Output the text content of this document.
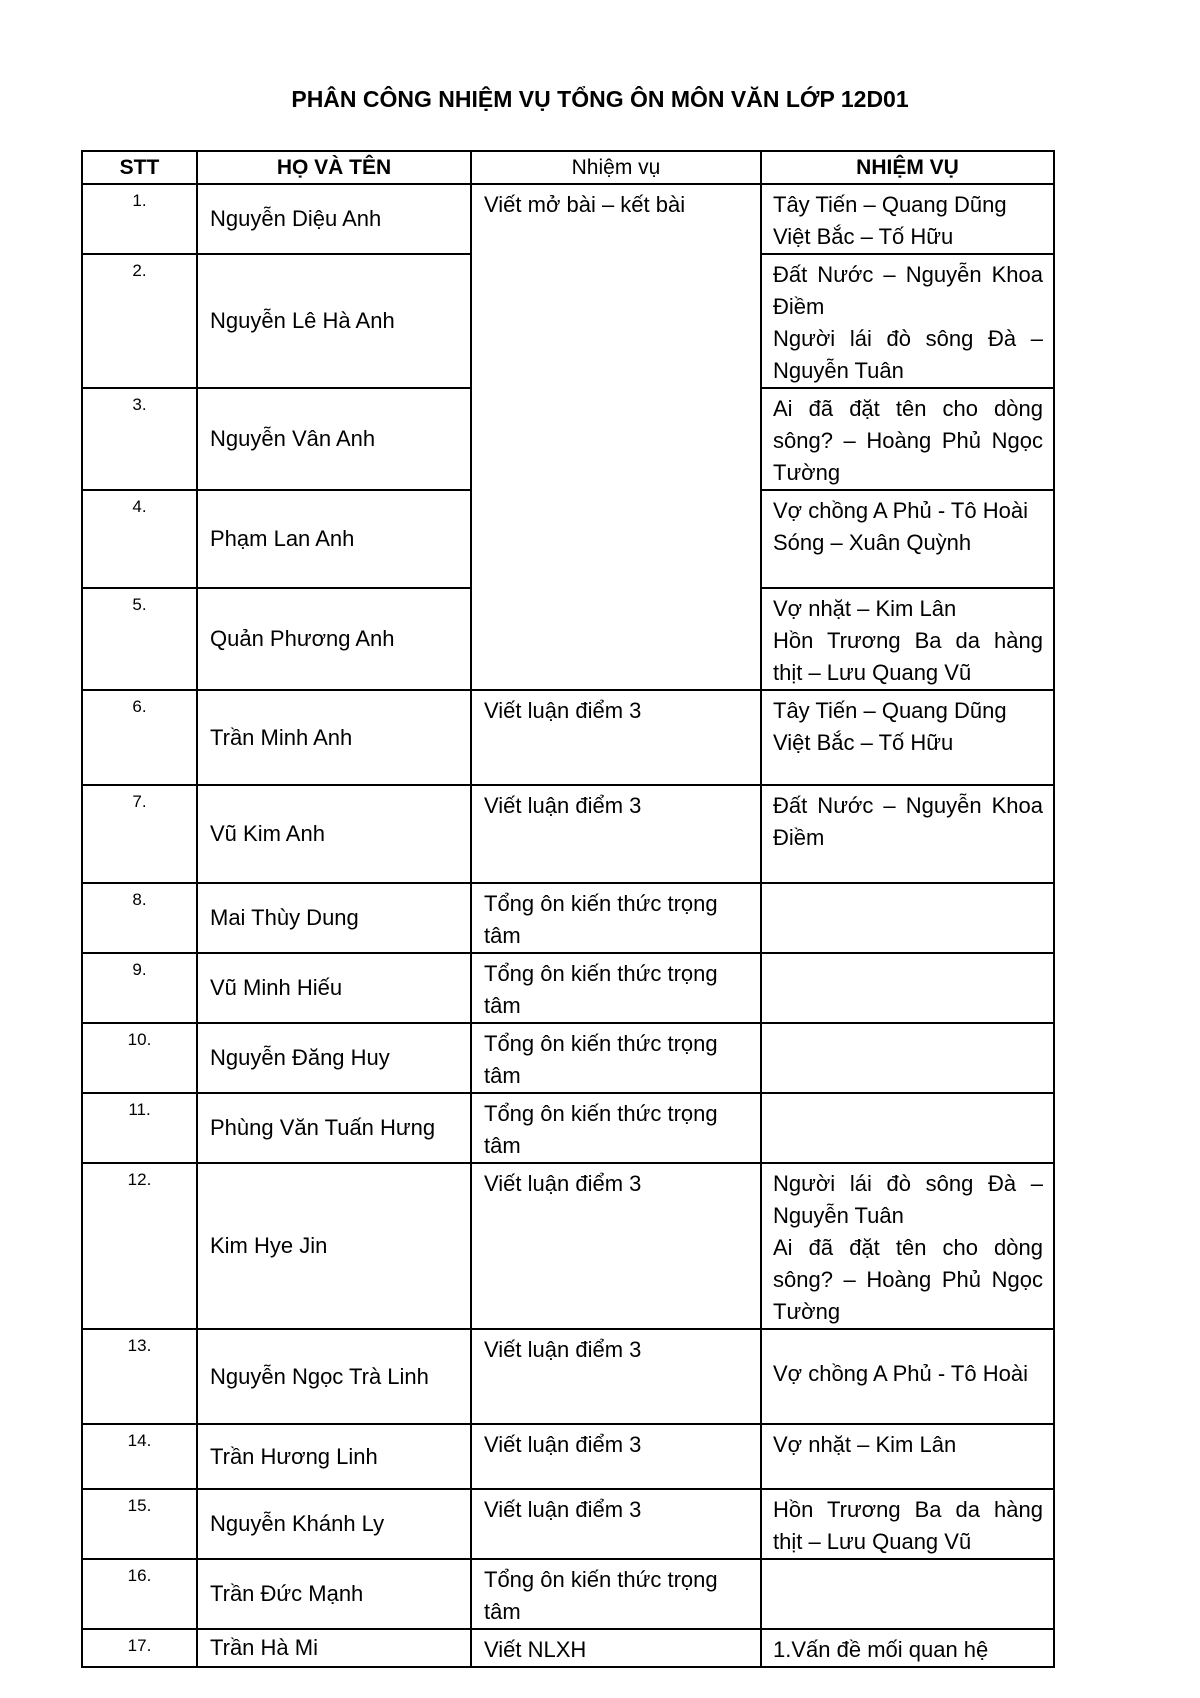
PHÂN CÔNG NHIỆM VỤ TỔNG ÔN MÔN VĂN LỚP 12D01
STT	HỌ VÀ TÊN	Nhiệm vụ	NHIỆM VỤ
1.	Nguyễn Diệu Anh	Viết mở bài – kết bài	Tây Tiến – Quang Dũng
Việt Bắc – Tố Hữu

2.	Nguyễn Lê Hà Anh		Đất Nước – Nguyễn Khoa Điềm
Người lái đò sông Đà – Nguyễn Tuân

3.	Nguyễn Vân Anh		Ai đã đặt tên cho dòng sông? – Hoàng Phủ Ngọc Tường

4.	Phạm Lan Anh		Vợ chồng A Phủ - Tô Hoài
Sóng – Xuân Quỳnh

5.	Quản Phương Anh		Vợ nhặt – Kim Lân
Hồn Trương Ba da hàng thịt – Lưu Quang Vũ

6.	Trần Minh Anh	Viết luận điểm 3	Tây Tiến – Quang Dũng
Việt Bắc – Tố Hữu

7.	Vũ Kim Anh	Viết luận điểm 3	Đất Nước – Nguyễn Khoa Điềm

8.	Mai Thùy Dung	Tổng ôn kiến thức trọng tâm	
9.	Vũ Minh Hiếu	Tổng ôn kiến thức trọng tâm	
10.	Nguyễn Đăng Huy	Tổng ôn kiến thức trọng tâm	
11.	Phùng Văn Tuấn Hưng	Tổng ôn kiến thức trọng tâm	
12.	Kim Hye Jin	Viết luận điểm 3	Người lái đò sông Đà – Nguyễn Tuân
Ai đã đặt tên cho dòng sông? – Hoàng Phủ Ngọc Tường

13.	Nguyễn Ngọc Trà Linh	Viết luận điểm 3	Vợ chồng A Phủ - Tô Hoài

14.	Trần Hương Linh	Viết luận điểm 3	Vợ nhặt – Kim Lân

15.	Nguyễn Khánh Ly	Viết luận điểm 3	Hồn Trương Ba da hàng thịt – Lưu Quang Vũ

16.	Trần Đức Mạnh	Tổng ôn kiến thức trọng tâm	
17.	Trần Hà Mi	Viết NLXH	1.Vấn đề mối quan hệ
